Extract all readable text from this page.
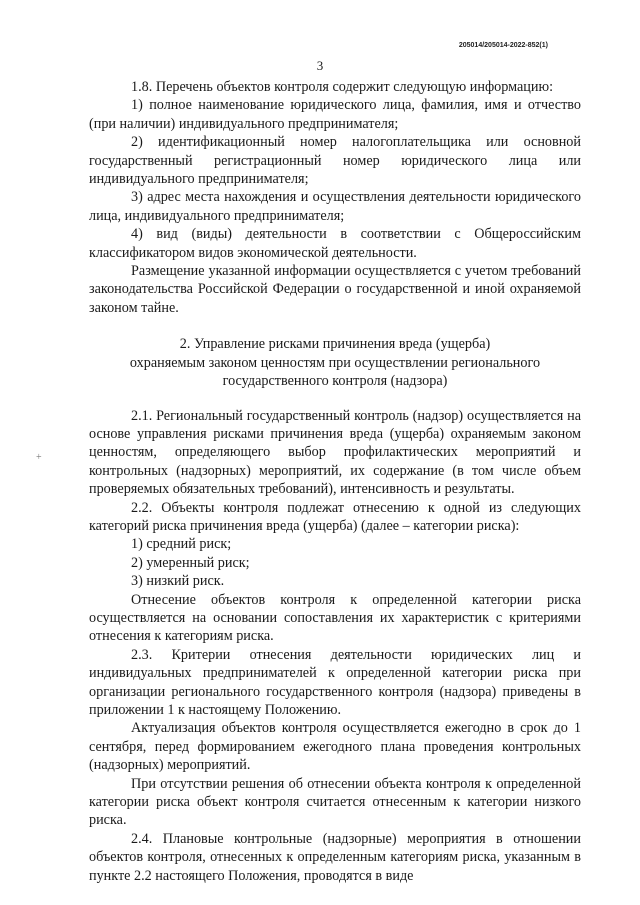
205014/205014-2022-852(1)
3
+

1.8. Перечень объектов контроля содержит следующую информацию:

1) полное наименование юридического лица, фамилия, имя и отчество (при наличии) индивидуального предпринимателя;

2) идентификационный номер налогоплательщика или основной государственный регистрационный номер юридического лица или индивидуального предпринимателя;

3) адрес места нахождения и осуществления деятельности юридического лица, индивидуального предпринимателя;

4) вид (виды) деятельности в соответствии с Общероссийским классификатором видов экономической деятельности.

Размещение указанной информации осуществляется с учетом требований законодательства Российской Федерации о государственной и иной охраняемой законом тайне.

2. Управление рисками причинения вреда (ущерба)
охраняемым законом ценностям при осуществлении регионального
государственного контроля (надзора)

2.1. Региональный государственный контроль (надзор) осуществляется на основе управления рисками причинения вреда (ущерба) охраняемым законом ценностям, определяющего выбор профилактических мероприятий и контрольных (надзорных) мероприятий, их содержание (в том числе объем проверяемых обязательных требований), интенсивность и результаты.

2.2. Объекты контроля подлежат отнесению к одной из следующих категорий риска причинения вреда (ущерба) (далее – категории риска):

1) средний риск;

2) умеренный риск;

3) низкий риск.

Отнесение объектов контроля к определенной категории риска осуществляется на основании сопоставления их характеристик с критериями отнесения к категориям риска.

2.3. Критерии отнесения деятельности юридических лиц и индивидуальных предпринимателей к определенной категории риска при организации регионального государственного контроля (надзора) приведены в приложении 1 к настоящему Положению.

Актуализация объектов контроля осуществляется ежегодно в срок до 1 сентября, перед формированием ежегодного плана проведения контрольных (надзорных) мероприятий.

При отсутствии решения об отнесении объекта контроля к определенной категории риска объект контроля считается отнесенным к категории низкого риска.

2.4. Плановые контрольные (надзорные) мероприятия в отношении объектов контроля, отнесенных к определенным категориям риска, указанным в пункте 2.2 настоящего Положения, проводятся в виде
